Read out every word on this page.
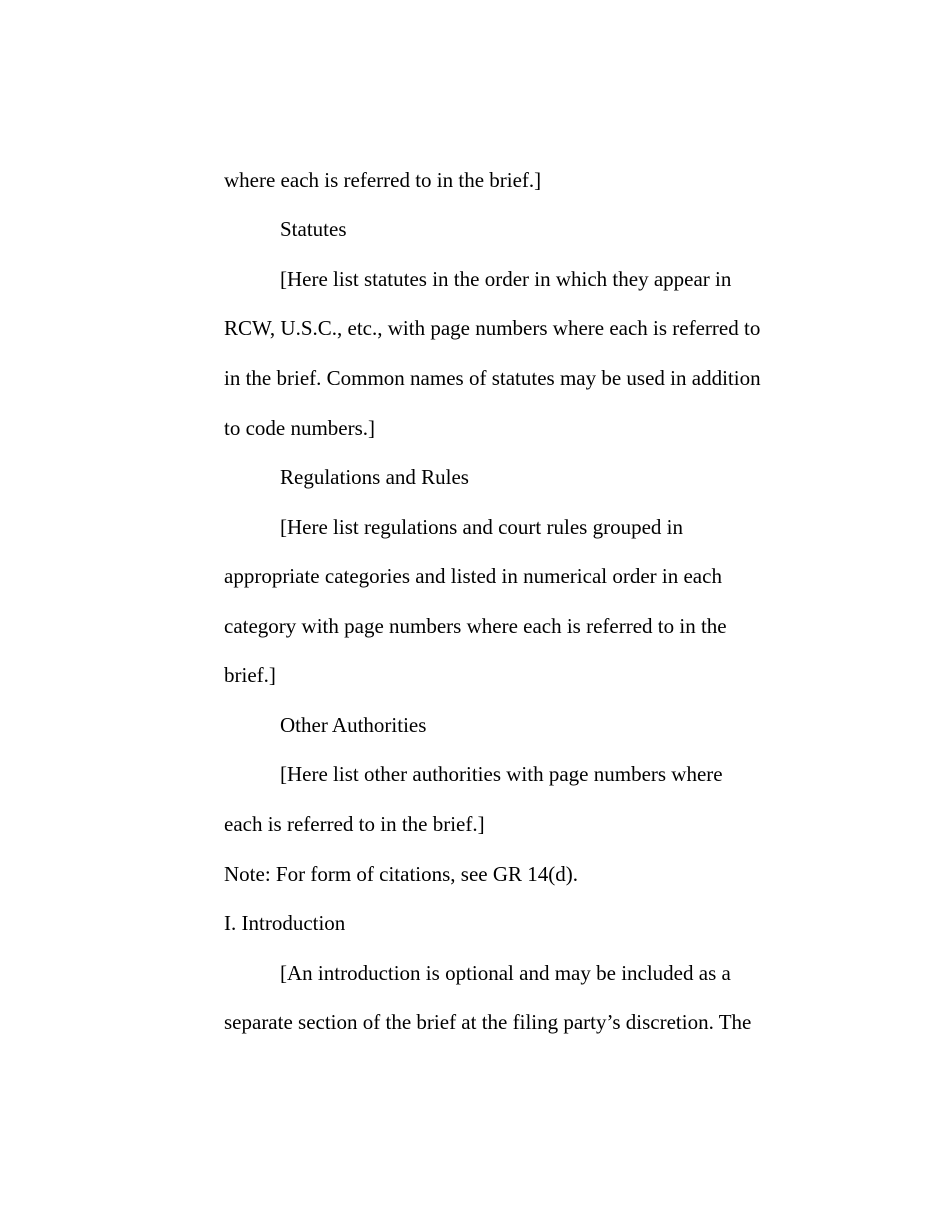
where each is referred to in the brief.]
Statutes
[Here list statutes in the order in which they appear in
RCW, U.S.C., etc., with page numbers where each is referred to
in the brief. Common names of statutes may be used in addition
to code numbers.]
Regulations and Rules
[Here list regulations and court rules grouped in
appropriate categories and listed in numerical order in each
category with page numbers where each is referred to in the
brief.]
Other Authorities
[Here list other authorities with page numbers where
each is referred to in the brief.]
Note: For form of citations, see GR 14(d).
I. Introduction
[An introduction is optional and may be included as a
separate section of the brief at the filing party’s discretion. The
